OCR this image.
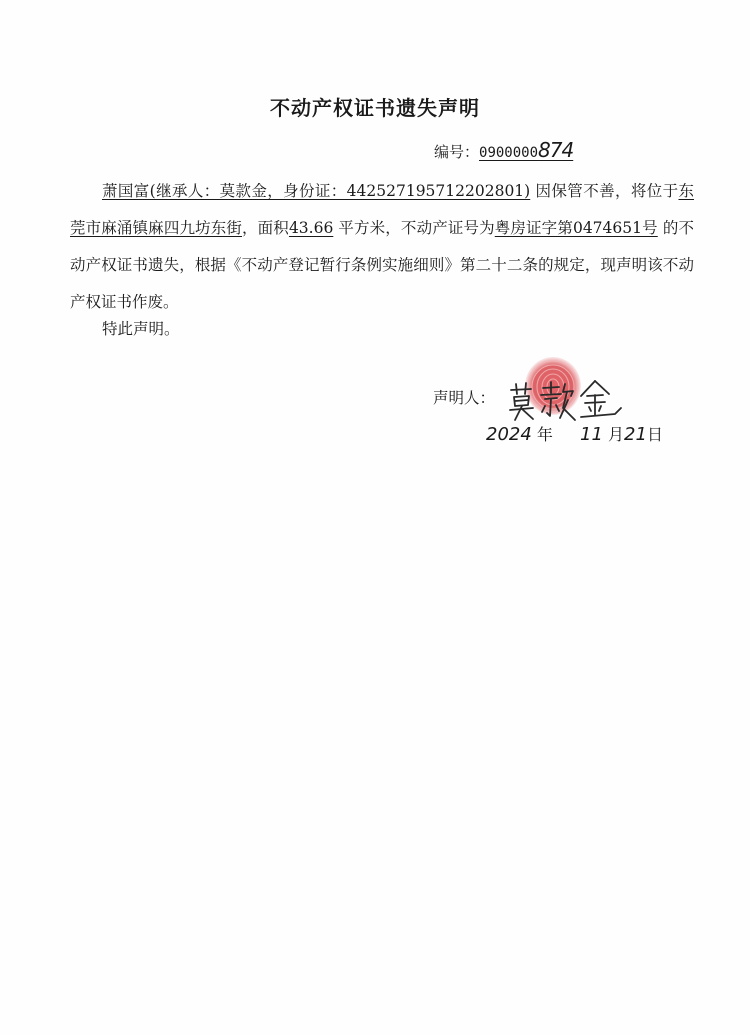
不动产权证书遗失声明
编号：0900000874
萧国富(继承人：莫款金，身份证：442527195712202801) 因保管不善，将位于东莞市麻涌镇麻四九坊东街，面积43.66 平方米，不动产证号为粤房证字第0474651号 的不动产权证书遗失，根据《不动产登记暂行条例实施细则》第二十二条的规定，现声明该不动产权证书作废。
特此声明。
声明人：
2024 年 11 月21日
